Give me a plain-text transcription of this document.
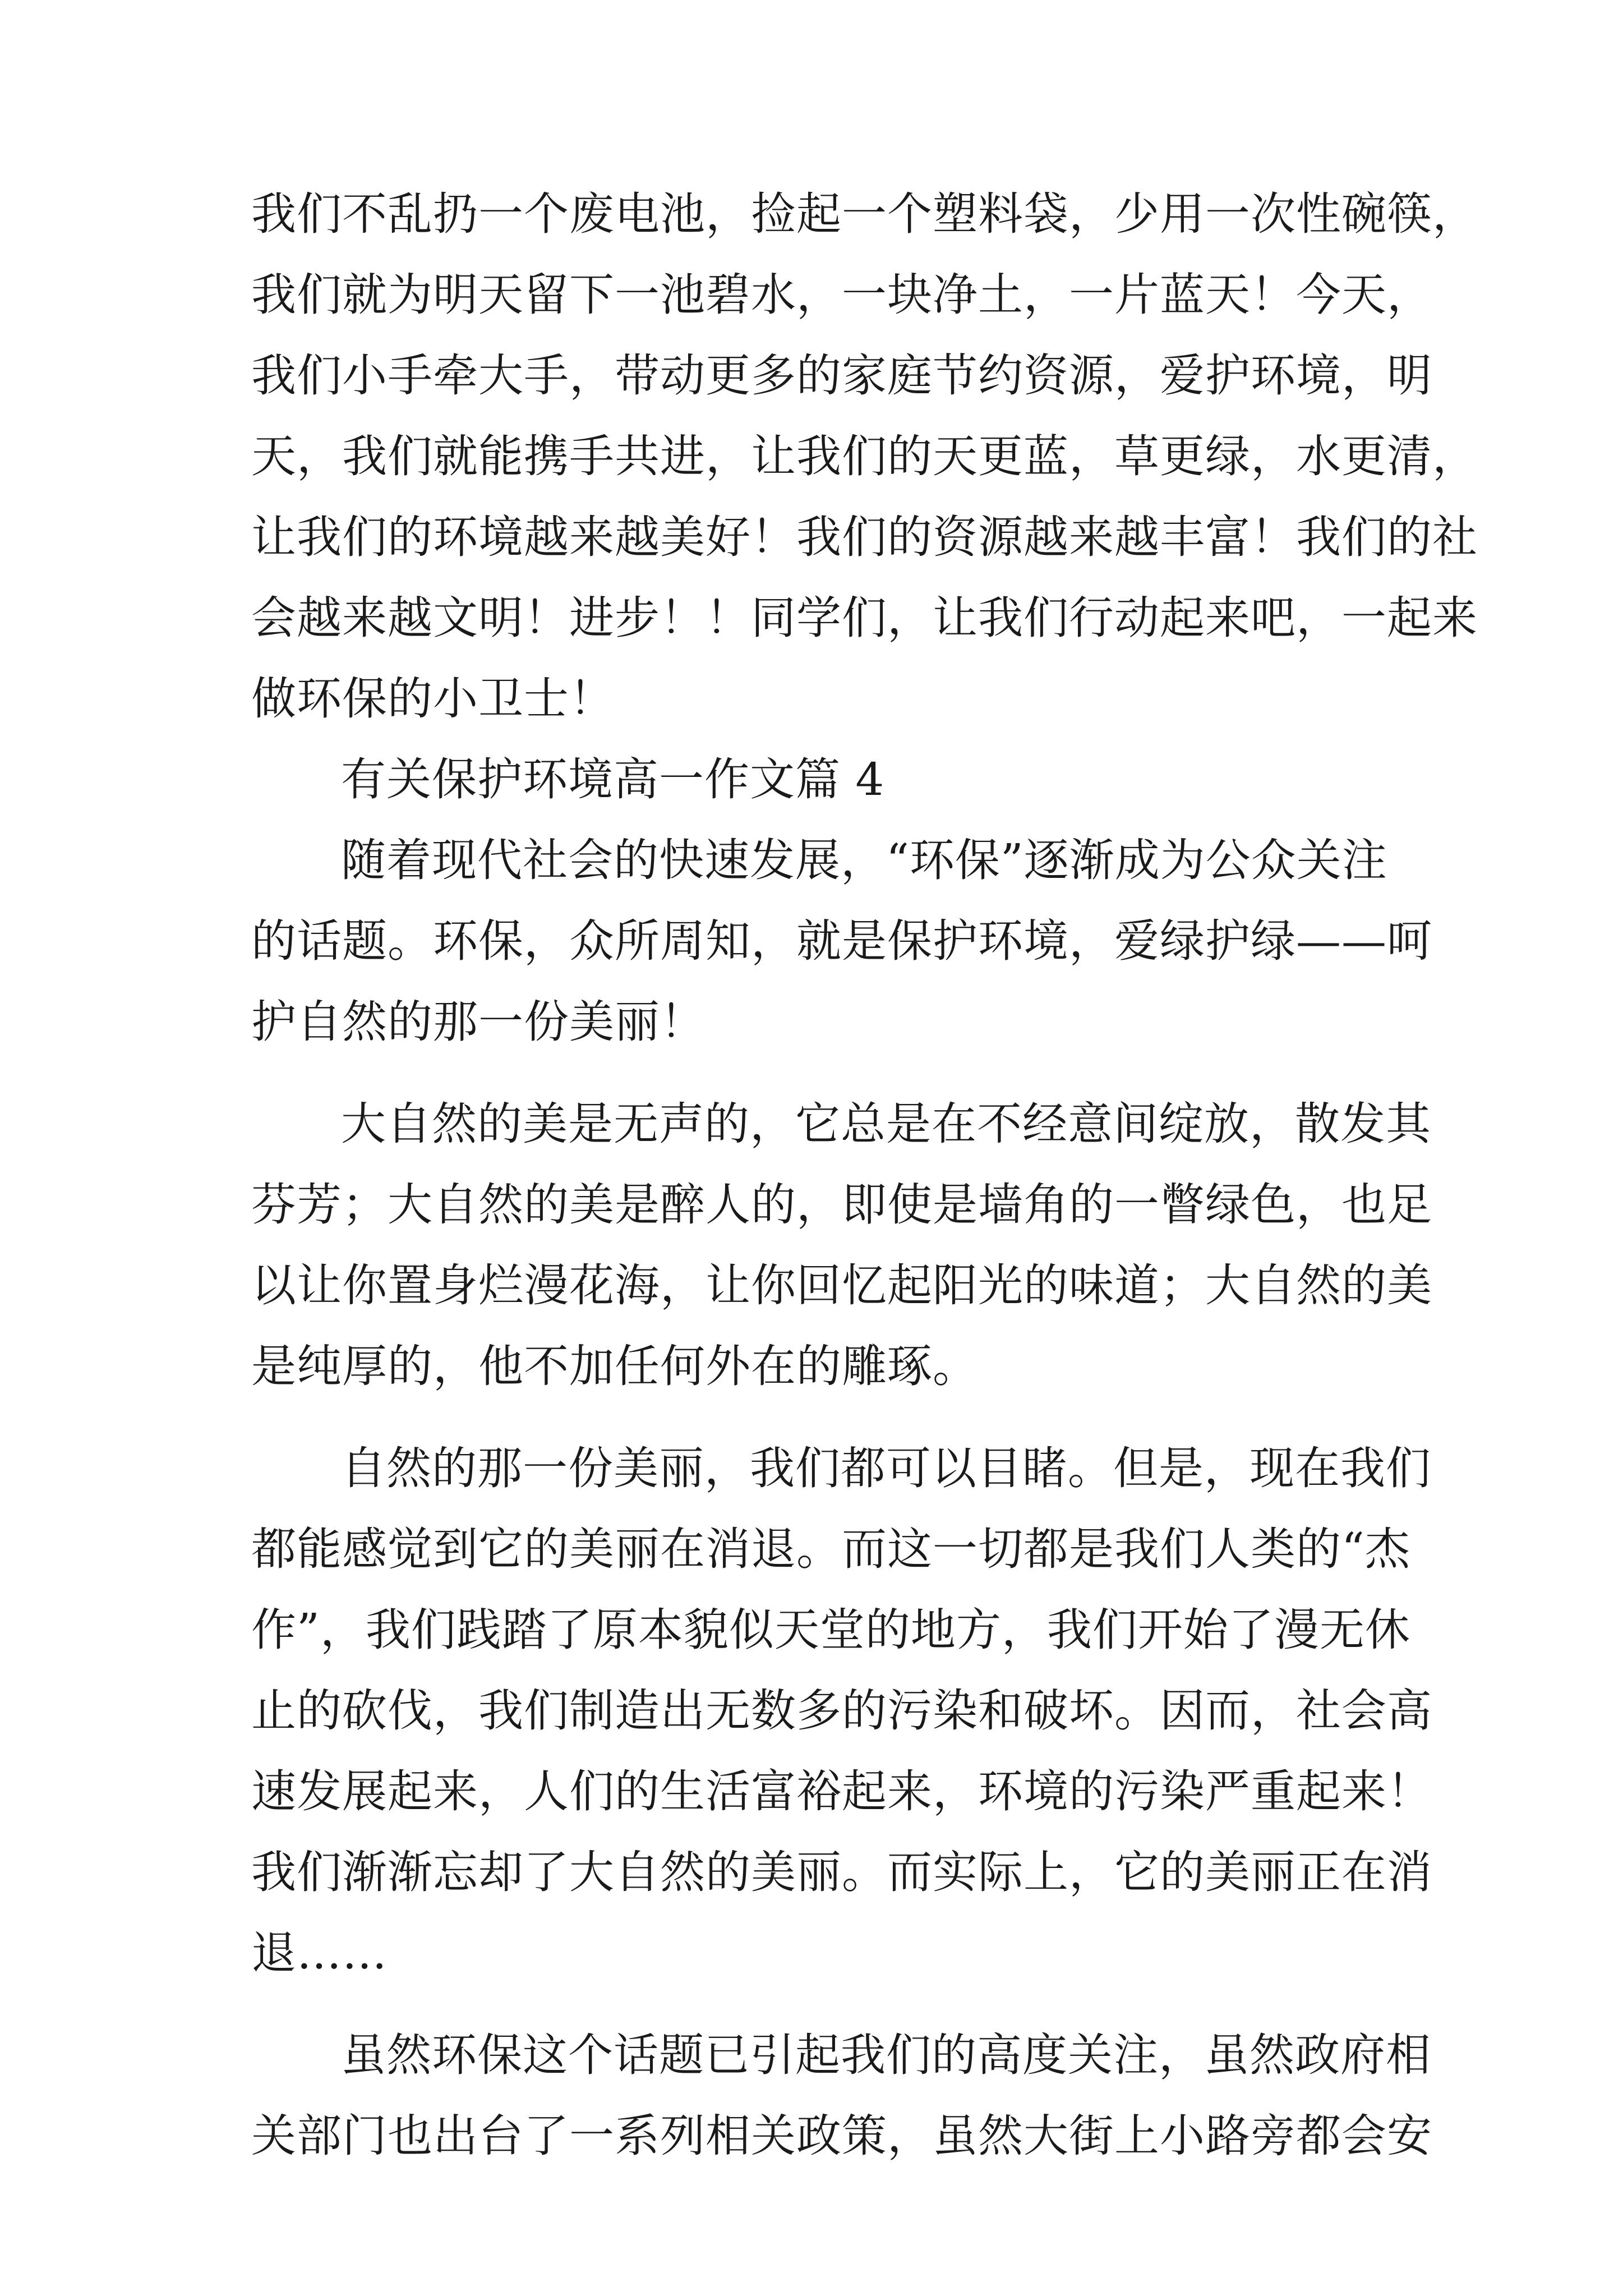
我们不乱扔一个废电池，捡起一个塑料袋，少用一次性碗筷，
我们就为明天留下一池碧水，一块净土，一片蓝天！今天，
我们小手牵大手，带动更多的家庭节约资源，爱护环境，明
天，我们就能携手共进，让我们的天更蓝，草更绿，水更清，
让我们的环境越来越美好！我们的资源越来越丰富！我们的社
会越来越文明！进步！！同学们，让我们行动起来吧，一起来
做环保的小卫士！
有关保护环境高一作文篇 4
随着现代社会的快速发展，“环保”逐渐成为公众关注
的话题。环保，众所周知，就是保护环境，爱绿护绿——呵
护自然的那一份美丽！
大自然的美是无声的，它总是在不经意间绽放，散发其
芬芳；大自然的美是醉人的，即使是墙角的一瞥绿色，也足
以让你置身烂漫花海，让你回忆起阳光的味道；大自然的美
是纯厚的，他不加任何外在的雕琢。
自然的那一份美丽，我们都可以目睹。但是，现在我们
都能感觉到它的美丽在消退。而这一切都是我们人类的“杰
作”，我们践踏了原本貌似天堂的地方，我们开始了漫无休
止的砍伐，我们制造出无数多的污染和破坏。因而，社会高
速发展起来，人们的生活富裕起来，环境的污染严重起来！
我们渐渐忘却了大自然的美丽。而实际上，它的美丽正在消
退……
虽然环保这个话题已引起我们的高度关注，虽然政府相
关部门也出台了一系列相关政策，虽然大街上小路旁都会安
